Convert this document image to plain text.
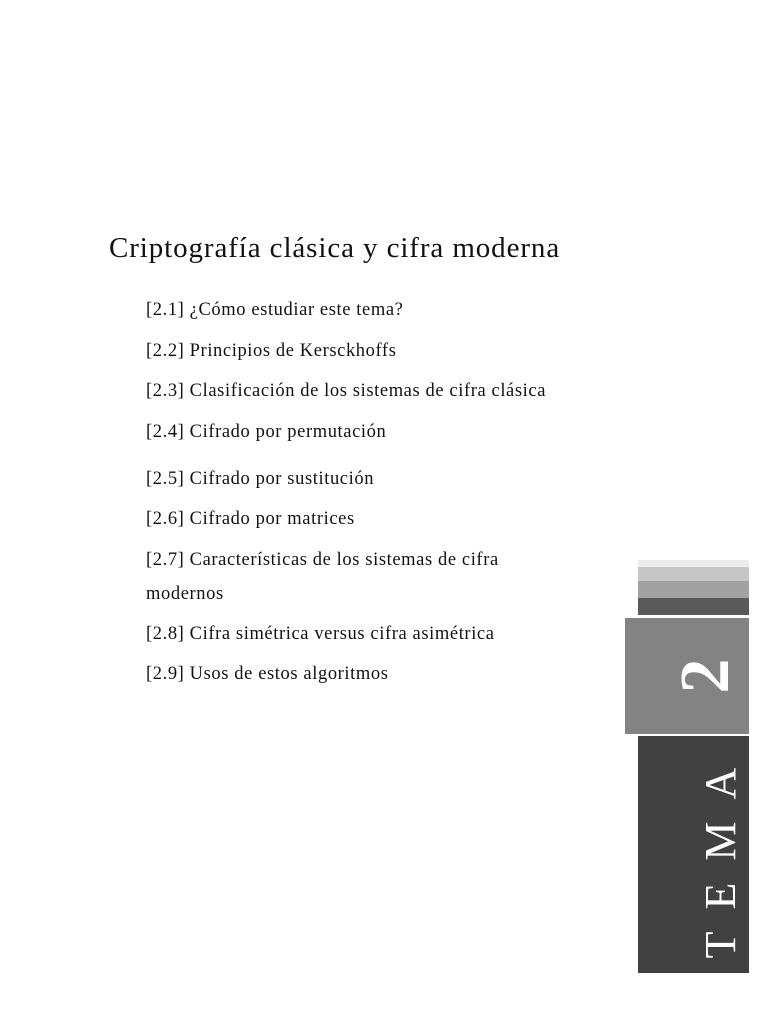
Criptografía clásica y cifra moderna
[2.1] ¿Cómo estudiar este tema?
[2.2] Principios de Kersckhoffs
[2.3] Clasificación de los sistemas de cifra clásica
[2.4] Cifrado por permutación
[2.5] Cifrado por sustitución
[2.6] Cifrado por matrices
[2.7] Características de los sistemas de cifra modernos
[2.8] Cifra simétrica versus cifra asimétrica
[2.9] Usos de estos algoritmos	2
TEMA
